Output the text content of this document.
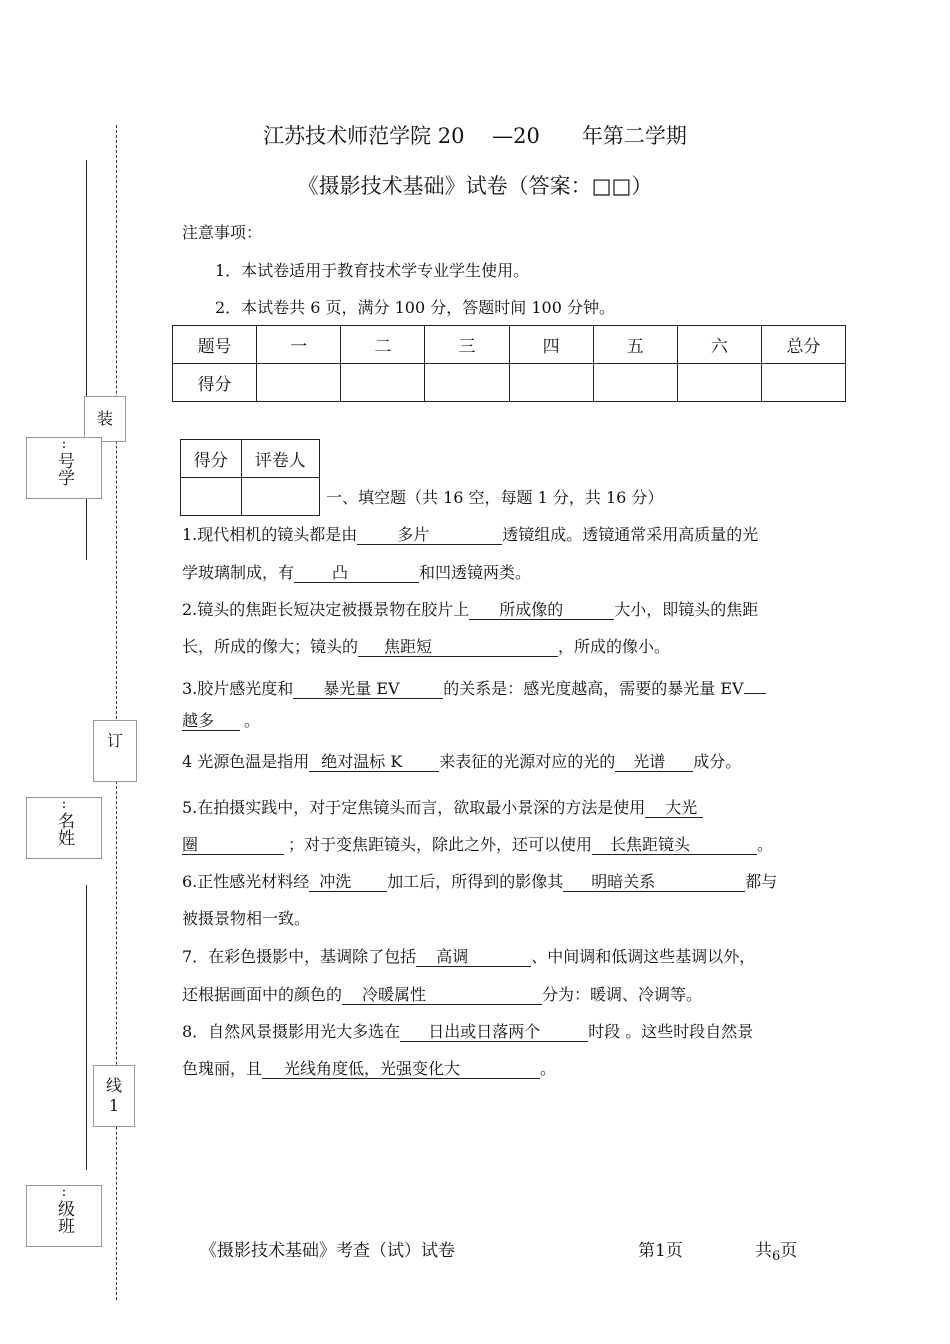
装
订
线
1
:
号学
:
名姓
:
级班
江苏技术师范学院 20　 —20　　年第二学期
《摄影技术基础》试卷（答案：□□）
注意事项：
1．本试卷适用于教育技术学专业学生使用。
2．本试卷共 6 页，满分 100 分，答题时间 100 分钟。
题号	一	二	三	四	五	六	总分
得分							
得分	评卷人

一、填空题（共 16 空，每题 1 分，共 16 分）
1.现代相机的镜头都是由	多片	透镜组成。透镜通常采用高质量的光
学玻璃制成，有 凸	和凹透镜两类。
2.镜头的焦距长短决定被摄景物在胶片上 所成像的	大小，即镜头的焦距
长，所成的像大；镜头的 焦距短	，所成的像小。
3.胶片感光度和 暴光量 EV	的关系是：感光度越高，需要的暴光量 EV
越多 。
4 光源色温是指用 绝对温标 K 来表征的光源对应的光的 光谱 成分。
5.在拍摄实践中，对于定焦镜头而言，欲取最小景深的方法是使用 大光
圈	；对于变焦距镜头，除此之外，还可以使用 长焦距镜头	。
6.正性感光材料经 冲洗 加工后，所得到的影像其 明暗关系	都与
被摄景物相一致。
7．在彩色摄影中，基调除了包括 高调	、中间调和低调这些基调以外，
还根据画面中的颜色的 冷暖属性	分为：暖调、冷调等。
8．自然风景摄影用光大多选在 日出或日落两个	时段 。这些时段自然景
色瑰丽，且 光线角度低，光强变化大	。
《摄影技术基础》考查（试）试卷	第1页	共$_6$页
